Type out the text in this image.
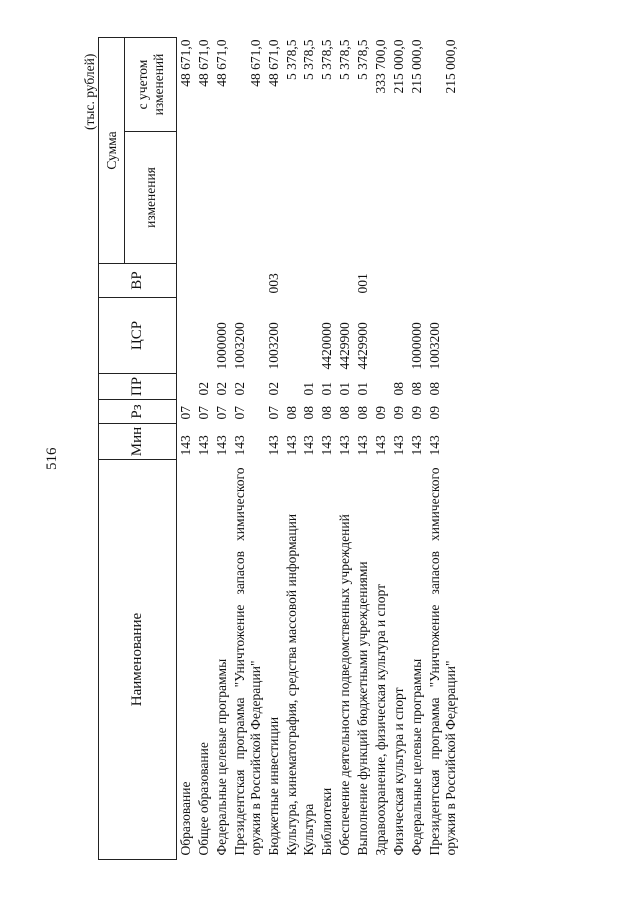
516
(тыс. рублей)
Наименование	Мин	Рз	ПР	ЦСР	ВР	Сумма	
						изменения	с учетом изменений
Образование	143	07					48 671,0
Общее образование	143	07	02				48 671,0
Федеральные целевые программы	143	07	02	1000000			48 671,0
Президентская программа "Уничтожение запасов химического оружия в Российской Федерации"	143	07	02	1003200			48 671,0
Бюджетные инвестиции	143	07	02	1003200	003		48 671,0
Культура, кинематография, средства массовой информации	143	08					5 378,5
Культура	143	08	01				5 378,5
Библиотеки	143	08	01	4420000			5 378,5
Обеспечение деятельности подведомственных учреждений	143	08	01	4429900			5 378,5
Выполнение функций бюджетными учреждениями	143	08	01	4429900	001		5 378,5
Здравоохранение, физическая культура и спорт	143	09					333 700,0
Физическая культура и спорт	143	09	08				215 000,0
Федеральные целевые программы	143	09	08	1000000			215 000,0
Президентская программа "Уничтожение запасов химического оружия в Российской Федерации"	143	09	08	1003200			215 000,0
